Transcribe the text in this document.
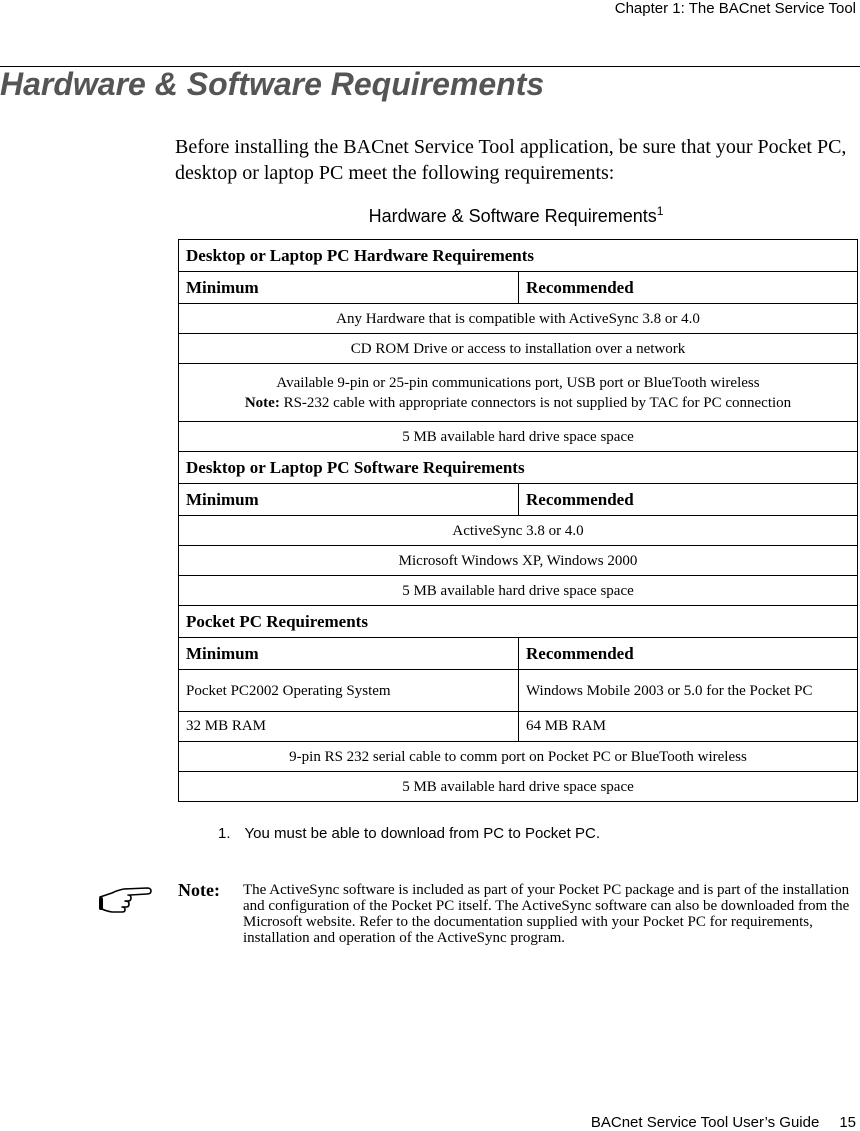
Chapter 1: The BACnet Service Tool
Hardware & Software Requirements

Before installing the BACnet Service Tool application, be sure that your Pocket PC, desktop or laptop PC meet the following requirements:

Hardware & Software Requirements$^1$
Desktop or Laptop PC Hardware Requirements	
Minimum	Recommended
Any Hardware that is compatible with ActiveSync 3.8 or 4.0	
CD ROM Drive or access to installation over a network	
Available 9-pin or 25-pin communications port, USB port or BlueTooth wireless
Note: RS-232 cable with appropriate connectors is not supplied by TAC for PC connection	
5 MB available hard drive space space	
Desktop or Laptop PC Software Requirements	
Minimum	Recommended
ActiveSync 3.8 or 4.0	
Microsoft Windows XP, Windows 2000	
5 MB available hard drive space space	
Pocket PC Requirements	
Minimum	Recommended
Pocket PC2002 Operating System	Windows Mobile 2003 or 5.0 for the Pocket PC
32 MB RAM	64 MB RAM
9-pin RS 232 serial cable to comm port on Pocket PC or BlueTooth wireless	
5 MB available hard drive space space	
1. You must be able to download from PC to Pocket PC.
Note: The ActiveSync software is included as part of your Pocket PC package and is part of the installation and configuration of the Pocket PC itself. The ActiveSync software can also be downloaded from the Microsoft website. Refer to the documentation supplied with your Pocket PC for requirements, installation and operation of the ActiveSync program.

BACnet Service Tool User’s Guide 15
